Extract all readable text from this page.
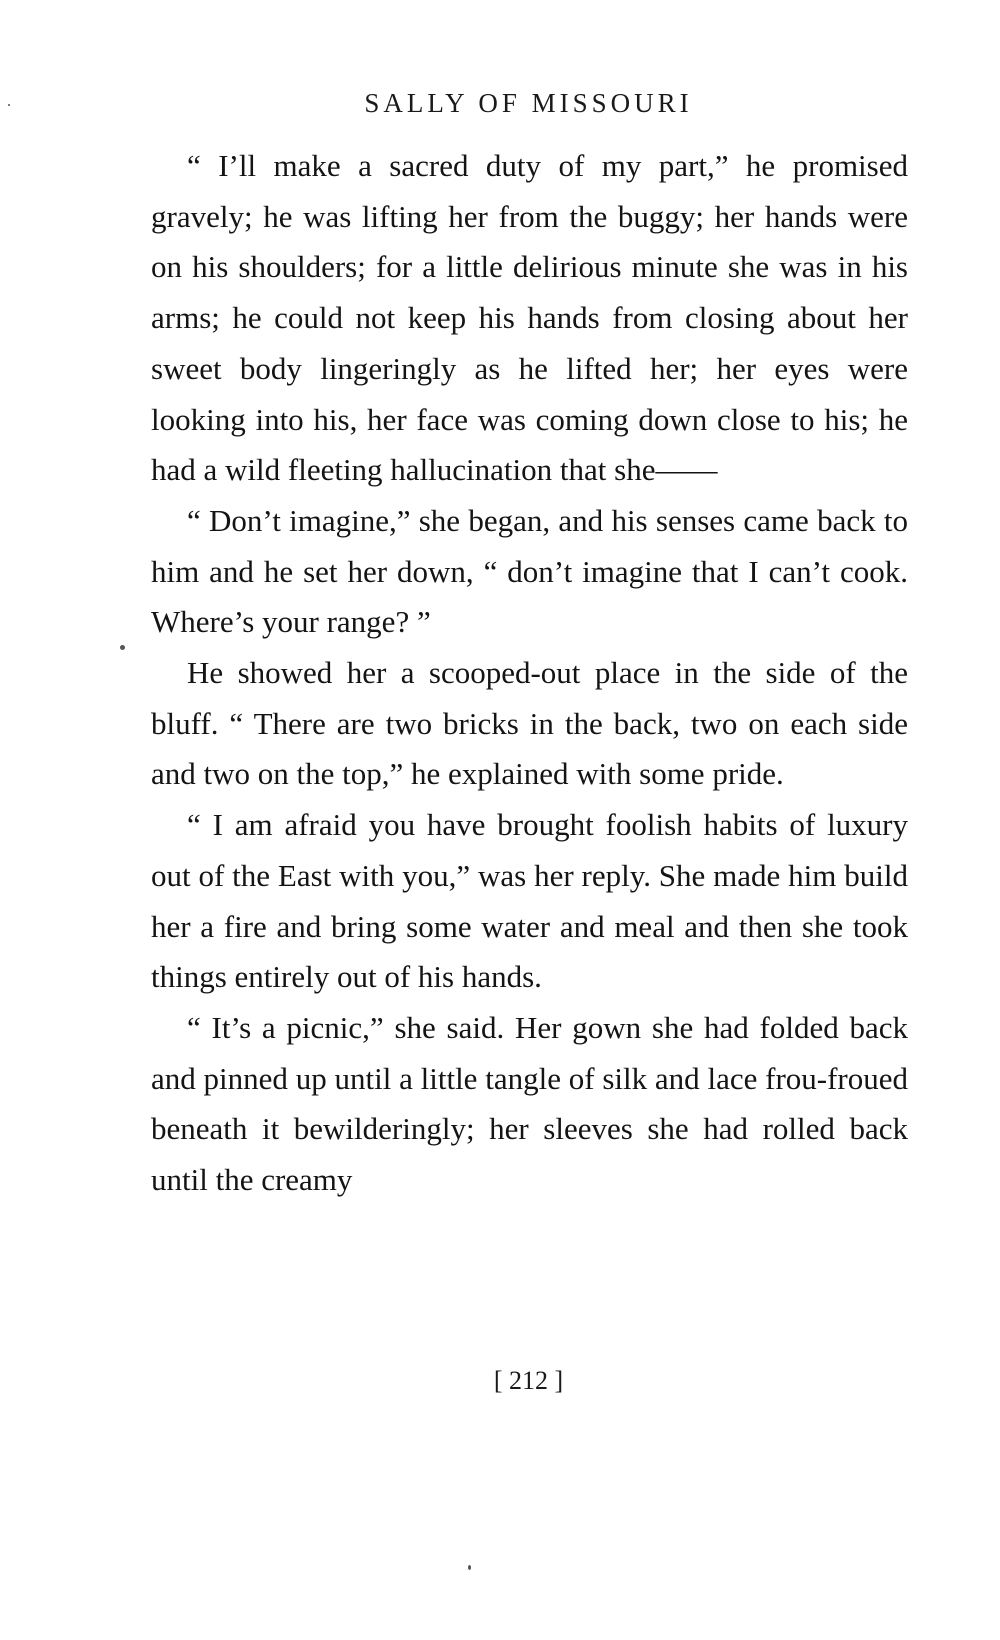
SALLY OF MISSOURI

“ I’ll make a sacred duty of my part,” he promised gravely; he was lifting her from the buggy; her hands were on his shoulders; for a little delirious minute she was in his arms; he could not keep his hands from closing about her sweet body lingeringly as he lifted her; her eyes were looking into his, her face was coming down close to his; he had a wild fleeting hallucination that she——

“ Don’t imagine,” she began, and his senses came back to him and he set her down, “ don’t imagine that I can’t cook. Where’s your range? ”

He showed her a scooped-out place in the side of the bluff. “ There are two bricks in the back, two on each side and two on the top,” he explained with some pride.

“ I am afraid you have brought foolish habits of luxury out of the East with you,” was her reply. She made him build her a fire and bring some water and meal and then she took things entirely out of his hands.

“ It’s a picnic,” she said. Her gown she had folded back and pinned up until a little tangle of silk and lace frou-froued beneath it bewilderingly; her sleeves she had rolled back until the creamy

[ 212 ]
